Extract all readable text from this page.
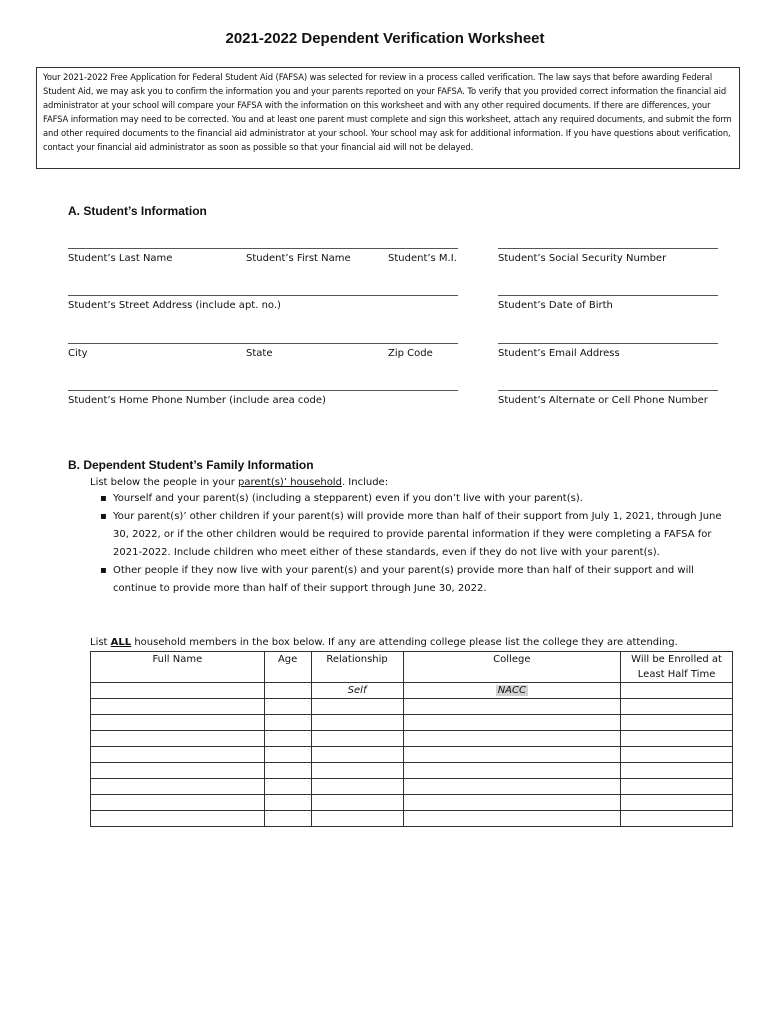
2021-2022 Dependent Verification Worksheet
Your 2021-2022 Free Application for Federal Student Aid (FAFSA) was selected for review in a process called verification. The law says that before awarding Federal Student Aid, we may ask you to confirm the information you and your parents reported on your FAFSA. To verify that you provided correct information the financial aid administrator at your school will compare your FAFSA with the information on this worksheet and with any other required documents. If there are differences, your FAFSA information may need to be corrected. You and at least one parent must complete and sign this worksheet, attach any required documents, and submit the form and other required documents to the financial aid administrator at your school. Your school may ask for additional information. If you have questions about verification, contact your financial aid administrator as soon as possible so that your financial aid will not be delayed.
A. Student’s Information
Student’s Last Name	Student’s First Name	Student’s M.I.	Student’s Social Security Number
Student’s Street Address (include apt. no.)	Student’s Date of Birth
City	State	Zip Code	Student’s Email Address
Student’s Home Phone Number (include area code)	Student’s Alternate or Cell Phone Number
B. Dependent Student’s Family Information
List below the people in your parent(s)’ household. Include:
▪ Yourself and your parent(s) (including a stepparent) even if you don’t live with your parent(s).
▪ Your parent(s)’ other children if your parent(s) will provide more than half of their support from July 1, 2021, through June 30, 2022, or if the other children would be required to provide parental information if they were completing a FAFSA for 2021-2022. Include children who meet either of these standards, even if they do not live with your parent(s).
▪ Other people if they now live with your parent(s) and your parent(s) provide more than half of their support and will continue to provide more than half of their support through June 30, 2022.
List ALL household members in the box below. If any are attending college please list the college they are attending.
Full Name	Age	Relationship	College	Will be Enrolled at Least Half Time
		Self	NACC	
